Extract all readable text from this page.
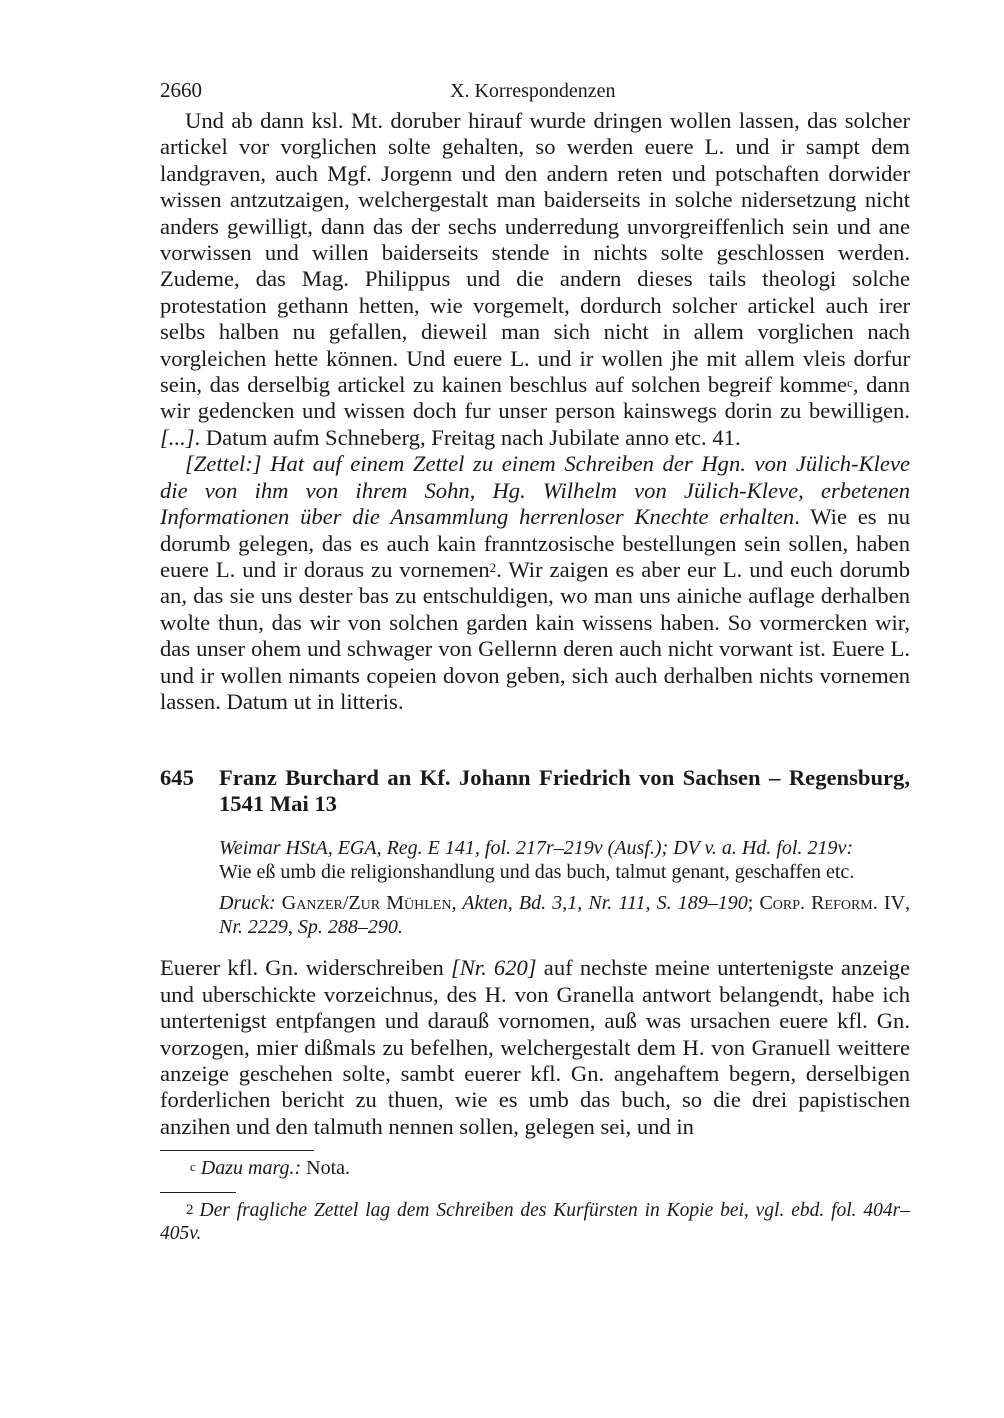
2660	X. Korrespondenzen

Und ab dann ksl. Mt. doruber hirauf wurde dringen wollen lassen, das solcher artickel vor vorglichen solte gehalten, so werden euere L. und ir sampt dem landgraven, auch Mgf. Jorgenn und den andern reten und potschaften dorwider wissen antzutzaigen, welchergestalt man baiderseits in solche nidersetzung nicht anders gewilligt, dann das der sechs underredung unvorgreiffenlich sein und ane vorwissen und willen baiderseits stende in nichts solte geschlossen werden. Zudeme, das Mag. Philippus und die andern dieses tails theologi solche protestation gethann hetten, wie vorgemelt, dordurch solcher artickel auch irer selbs halben nu gefallen, dieweil man sich nicht in allem vorglichen nach vorgleichen hette können. Und euere L. und ir wollen jhe mit allem vleis dorfur sein, das derselbig artickel zu kainen beschlus auf solchen begreif komme$^c$, dann wir gedencken und wissen doch fur unser person kainswegs dorin zu bewilligen. [...]. Datum aufm Schneberg, Freitag nach Jubilate anno etc. 41.

[Zettel:] Hat auf einem Zettel zu einem Schreiben der Hgn. von Jülich-Kleve die von ihm von ihrem Sohn, Hg. Wilhelm von Jülich-Kleve, erbetenen Informationen über die Ansammlung herrenloser Knechte erhalten. Wie es nu dorumb gelegen, das es auch kain franntzosische bestellungen sein sollen, haben euere L. und ir doraus zu vornemen$^2$. Wir zaigen es aber eur L. und euch dorumb an, das sie uns dester bas zu entschuldigen, wo man uns ainiche auflage derhalben wolte thun, das wir von solchen garden kain wissens haben. So vormercken wir, das unser ohem und schwager von Gellernn deren auch nicht vorwant ist. Euere L. und ir wollen nimants copeien dovon geben, sich auch derhalben nichts vornemen lassen. Datum ut in litteris.

645	Franz Burchard an Kf. Johann Friedrich von Sachsen – Regensburg, 1541 Mai 13

Weimar HStA, EGA, Reg. E 141, fol. 217r–219v (Ausf.); DV v. a. Hd. fol. 219v:
Wie eß umb die religionshandlung und das buch, talmut genant, geschaffen etc.

Druck: Ganzer/Zur Mühlen, Akten, Bd. 3,1, Nr. 111, S. 189–190; Corp. Reform. IV, Nr. 2229, Sp. 288–290.

Euerer kfl. Gn. widerschreiben [Nr. 620] auf nechste meine untertenigste anzeige und uberschickte vorzeichnus, des H. von Granella antwort belangendt, habe ich untertenigst entpfangen und darauß vornomen, auß was ursachen euere kfl. Gn. vorzogen, mier dißmals zu befelhen, welchergestalt dem H. von Granuell weittere anzeige geschehen solte, sambt euerer kfl. Gn. angehaftem begern, derselbigen forderlichen bericht zu thuen, wie es umb das buch, so die drei papistischen anzihen und den talmuth nennen sollen, gelegen sei, und in

$^c$ Dazu marg.: Nota.

$^2$ Der fragliche Zettel lag dem Schreiben des Kurfürsten in Kopie bei, vgl. ebd. fol. 404r–405v.
